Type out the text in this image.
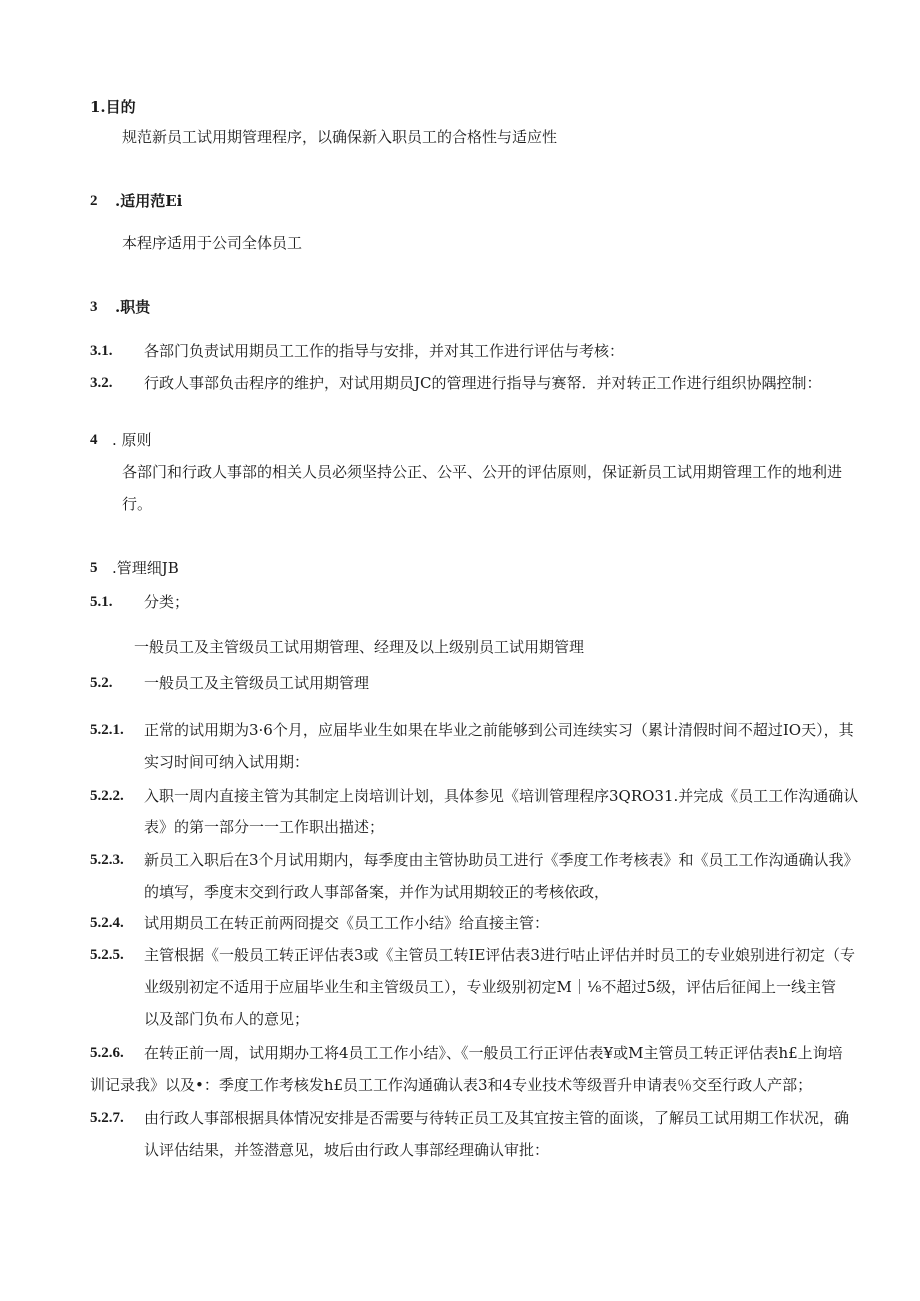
1.目的
规范新员工试用期管理程序，以确保新入职员工的合格性与适应性
2 .适用范Ei
本程序适用于公司全体员工
3 .职贵
3.1. 各部门负责试用期员工工作的指导与安排，并对其工作进行评估与考核：
3.2. 行政人事部负击程序的维护，对试用期员JC的管理进行指导与赛帑．并对转正工作进行组织协隅控制：
4 . 原则
各部门和行政人事部的相关人员必须坚持公正、公平、公开的评估原则，保证新员工试用期管理工作的地利进
行。
5 .管理细JB
5.1. 分类；
一般员工及主管级员工试用期管理、经理及以上级别员工试用期管理
5.2. 一般员工及主管级员工试用期管理
5.2.1. 正常的试用期为3·6个月，应届毕业生如果在毕业之前能够到公司连续实习（累计清假时间不超过IO天），其
实习时间可纳入试用期：
5.2.2. 入职一周内直接主管为其制定上岗培训计划，具体参见《培训管理程序3QRO31.并完成《员工工作沟通确认
表》的第一部分一一工作职出描述；
5.2.3. 新员工入职后在3个月试用期内，每季度由主管协助员工进行《季度工作考核表》和《员工工作沟通确认我》
的填写，季度末交到行政人事部备案，并作为试用期较正的考核依政，
5.2.4. 试用期员工在转正前两冏提交《员工工作小结》给直接主管：
5.2.5. 主管根据《一般员工转正评估表3或《主管员工转IE评估表3进行咕止评估并时员工的专业娘别进行初定（专
业级别初定不适用于应届毕业生和主管级员工），专业级别初定M｜⅛不超过5级，评估后征闻上一线主管
以及部门负布人的意见；
5.2.6. 在转正前一周，试用期办工将4员工工作小结》、《一般员工行正评估表¥或M主管员工转正评估表h£上询培
训记录我》以及•：季度工作考核发h£员工工作沟通确认表3和4专业技术等级晋升申请表％交至行政人产部；
5.2.7. 由行政人事部根据具体情况安排是否需要与待转正员工及其宜按主管的面谈，了解员工试用期工作状况，确
认评估结果，并签潜意见，坡后由行政人事部经理确认审批：
